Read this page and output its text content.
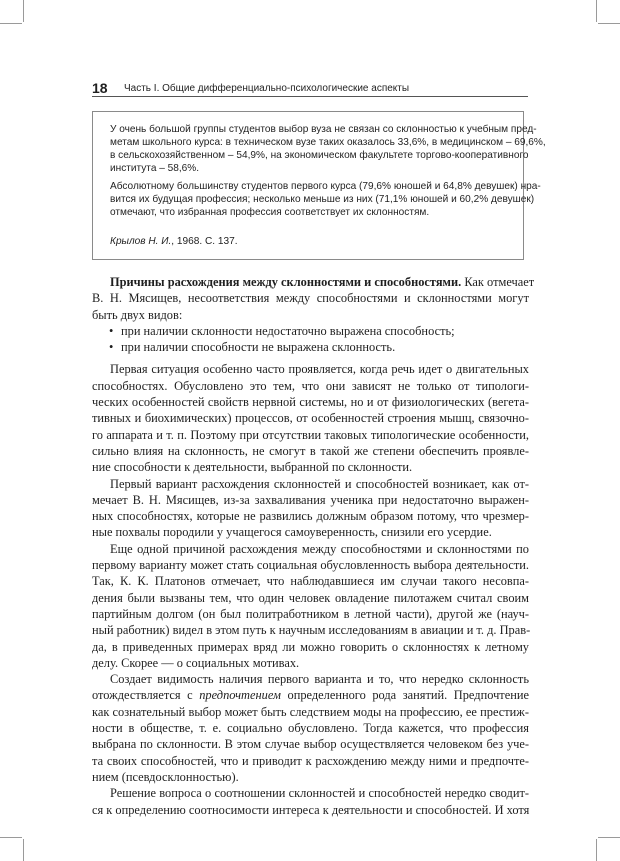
18 Часть I. Общие дифференциально-психологические аспекты

У очень большой группы студентов выбор вуза не связан со склонностью к учебным пред-
метам школьного курса: в техническом вузе таких оказалось 33,6%, в медицинском – 69,6%,
в сельскохозяйственном – 54,9%, на экономическом факультете торгово-кооперативного
института – 58,6%.

Абсолютному большинству студентов первого курса (79,6% юношей и 64,8% девушек) нра-
вится их будущая профессия; несколько меньше из них (71,1% юношей и 60,2% девушек)
отмечают, что избранная профессия соответствует их склонностям.

Крылов Н. И., 1968. С. 137.

Причины расхождения между склонностями и способностями. Как отмечает
В. Н. Мясищев, несоответствия между способностями и склонностями могут
быть двух видов:

• при наличии склонности недостаточно выражена способность;
• при наличии способности не выражена склонность.

Первая ситуация особенно часто проявляется, когда речь идет о двигательных
способностях. Обусловлено это тем, что они зависят не только от типологи-
ческих особенностей свойств нервной системы, но и от физиологических (вегета-
тивных и биохимических) процессов, от особенностей строения мышц, связочно-
го аппарата и т. п. Поэтому при отсутствии таковых типологические особенности,
сильно влияя на склонность, не смогут в такой же степени обеспечить проявле-
ние способности к деятельности, выбранной по склонности.

Первый вариант расхождения склонностей и способностей возникает, как от-
мечает В. Н. Мясищев, из-за захваливания ученика при недостаточно выражен-
ных способностях, которые не развились должным образом потому, что чрезмер-
ные похвалы породили у учащегося самоуверенность, снизили его усердие.

Еще одной причиной расхождения между способностями и склонностями по
первому варианту может стать социальная обусловленность выбора деятельности.
Так, К. К. Платонов отмечает, что наблюдавшиеся им случаи такого несовпа-
дения были вызваны тем, что один человек овладение пилотажем считал своим
партийным долгом (он был политработником в летной части), другой же (науч-
ный работник) видел в этом путь к научным исследованиям в авиации и т. д. Прав-
да, в приведенных примерах вряд ли можно говорить о склонностях к летному
делу. Скорее — о социальных мотивах.

Создает видимость наличия первого варианта и то, что нередко склонность
отождествляется с предпочтением определенного рода занятий. Предпочтение
как сознательный выбор может быть следствием моды на профессию, ее престиж-
ности в обществе, т. е. социально обусловлено. Тогда кажется, что профессия
выбрана по склонности. В этом случае выбор осуществляется человеком без уче-
та своих способностей, что и приводит к расхождению между ними и предпочте-
нием (псевдосклонностью).

Решение вопроса о соотношении склонностей и способностей нередко сводит-
ся к определению соотносимости интереса к деятельности и способностей. И хотя
